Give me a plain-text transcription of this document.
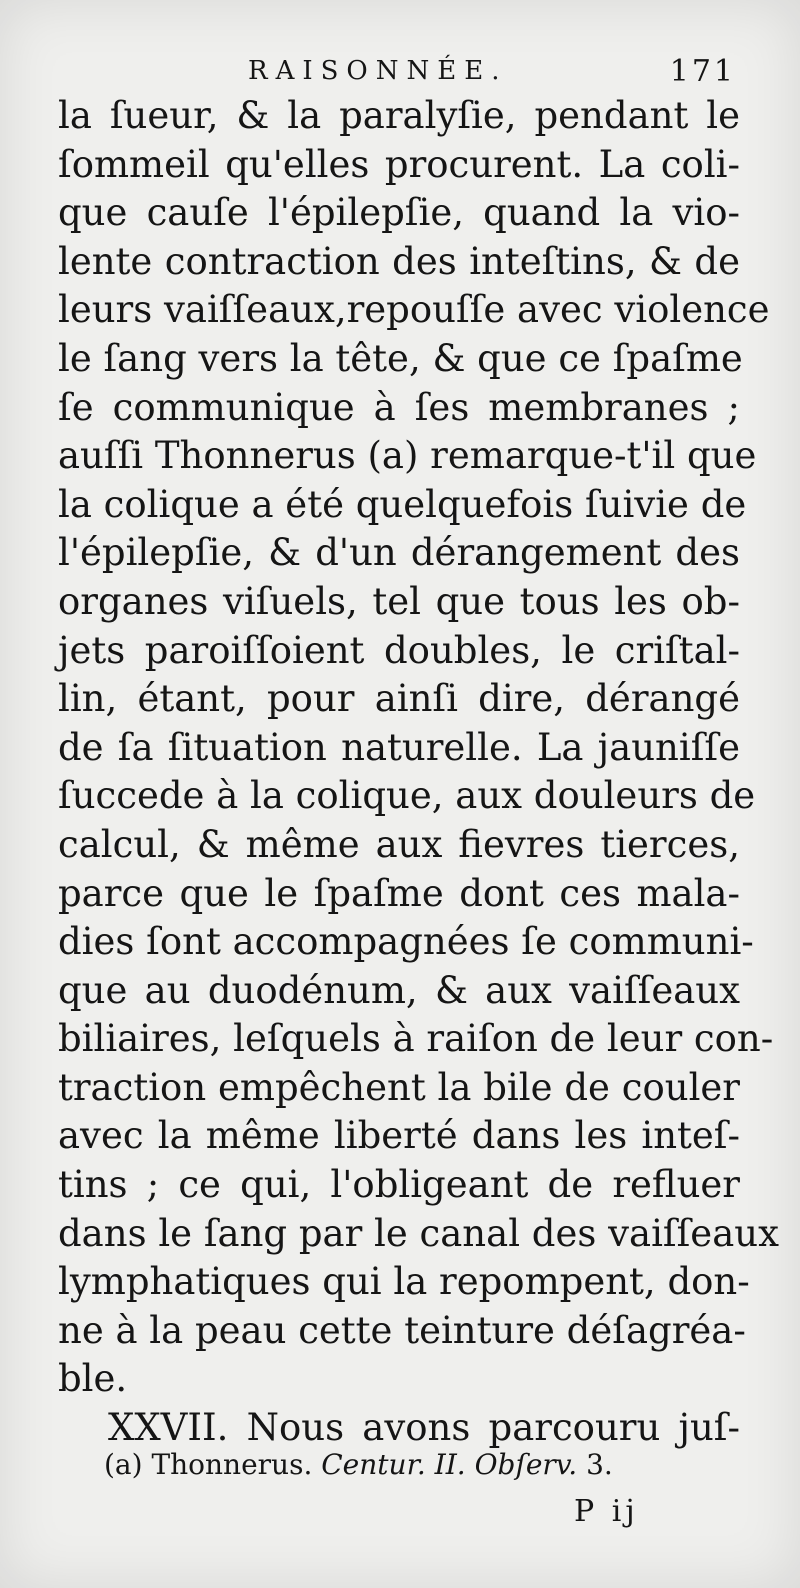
RAISONNÉE.	171
la ſueur, & la paralyſie, pendant le
ſommeil qu'elles procurent. La coli-
que cauſe l'épilepſie, quand la vio-
lente contraction des inteſtins, & de
leurs vaiſſeaux,repouſſe avec violence
le ſang vers la tête, & que ce ſpaſme
ſe communique à ſes membranes ;
auſſi Thonnerus (a) remarque-t'il que
la colique a été quelquefois ſuivie de
l'épilepſie, & d'un dérangement des
organes viſuels, tel que tous les ob-
jets paroiſſoient doubles, le criſtal-
lin, étant, pour ainſi dire, dérangé
de ſa ſituation naturelle. La jauniſſe
ſuccede à la colique, aux douleurs de
calcul, & même aux fievres tierces,
parce que le ſpaſme dont ces mala-
dies ſont accompagnées ſe communi-
que au duodénum, & aux vaiſſeaux
biliaires, leſquels à raiſon de leur con-
traction empêchent la bile de couler
avec la même liberté dans les inteſ-
tins ; ce qui, l'obligeant de refluer
dans le ſang par le canal des vaiſſeaux
lymphatiques qui la repompent, don-
ne à la peau cette teinture déſagréa-
ble.
XXVII. Nous avons parcouru juſ-
(a) Thonnerus. Centur. II. Obſerv. 3.
P ij
